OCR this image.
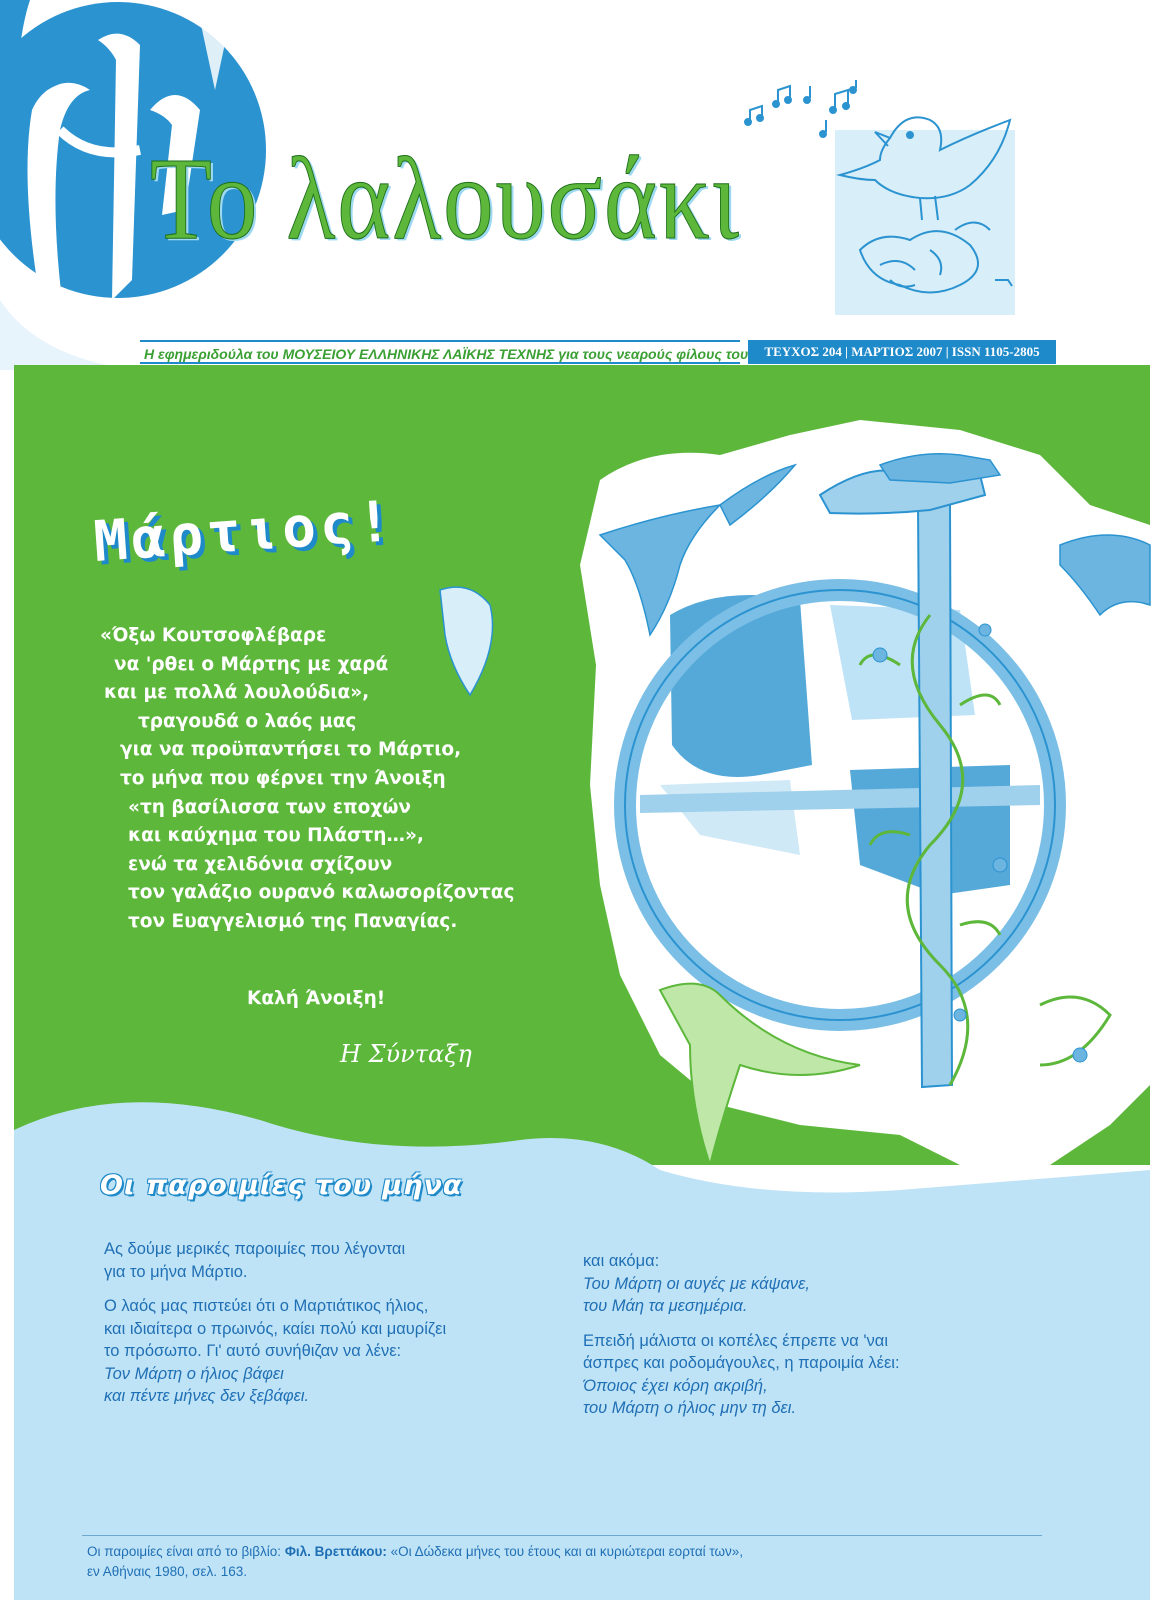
Το λαλουσάκι
Η εφημεριδούλα του ΜΟΥΣΕΙΟΥ ΕΛΛΗΝΙΚΗΣ ΛΑΪΚΗΣ ΤΕΧΝΗΣ για τους νεαρούς φίλους του	ΤΕΥΧΟΣ 204 | ΜΑΡΤΙΟΣ 2007 | ISSN 1105-2805
Μάρτιος!
«Όξω Κουτσοφλέβαρε
να 'ρθει ο Μάρτης με χαρά
και με πολλά λουλούδια»,
τραγουδά ο λαός μας
για να προϋπαντήσει το Μάρτιο,
το μήνα που φέρνει την Άνοιξη
«τη βασίλισσα των εποχών
και καύχημα του Πλάστη…»,
ενώ τα χελιδόνια σχίζουν
τον γαλάζιο ουρανό καλωσορίζοντας
τον Ευαγγελισμό της Παναγίας.
Καλή Άνοιξη!
Η Σύνταξη
Οι παροιμίες του μήνα

Ας δούμε μερικές παροιμίες που λέγονται

για το μήνα Μάρτιο.

Ο λαός μας πιστεύει ότι ο Μαρτιάτικος ήλιος,

και ιδιαίτερα ο πρωινός, καίει πολύ και μαυρίζει

το πρόσωπο. Γι' αυτό συνήθιζαν να λένε:

Τον Μάρτη ο ήλιος βάφει

και πέντε μήνες δεν ξεβάφει.

και ακόμα:

Του Μάρτη οι αυγές με κάψανε,

του Μάη τα μεσημέρια.

Επειδή μάλιστα οι κοπέλες έπρεπε να 'ναι

άσπρες και ροδομάγουλες, η παροιμία λέει:

Όποιος έχει κόρη ακριβή,

του Μάρτη ο ήλιος μην τη δει.

Οι παροιμίες είναι από το βιβλίο: Φιλ. Βρεττάκου: «Οι Δώδεκα μήνες του έτους και αι κυριώτεραι εορταί των»,
εν Αθήναις 1980, σελ. 163.
